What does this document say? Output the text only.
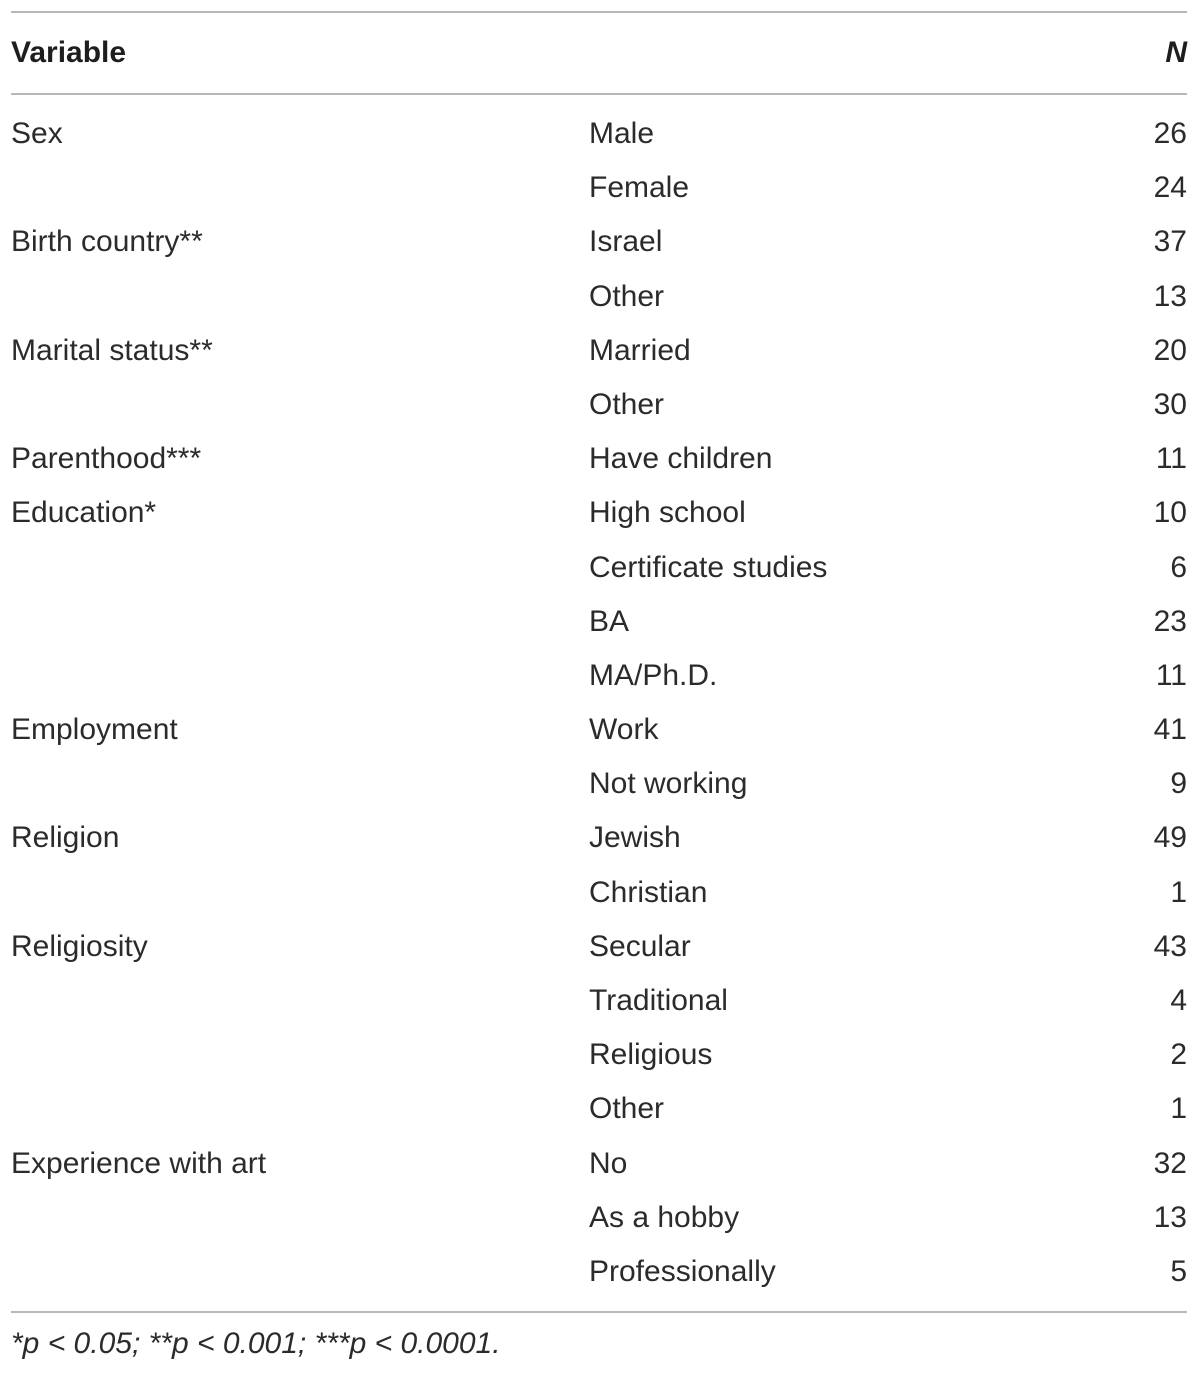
Variable	N
Sex	Male	26
Female	24
Birth country**	Israel	37
Other	13
Marital status**	Married	20
Other	30
Parenthood***	Have children	11
Education*	High school	10
Certificate studies	6
BA	23
MA/Ph.D.	11
Employment	Work	41
Not working	9
Religion	Jewish	49
Christian	1
Religiosity	Secular	43
Traditional	4
Religious	2
Other	1
Experience with art	No	32
As a hobby	13
Professionally	5
*p < 0.05; **p < 0.001; ***p < 0.0001.
